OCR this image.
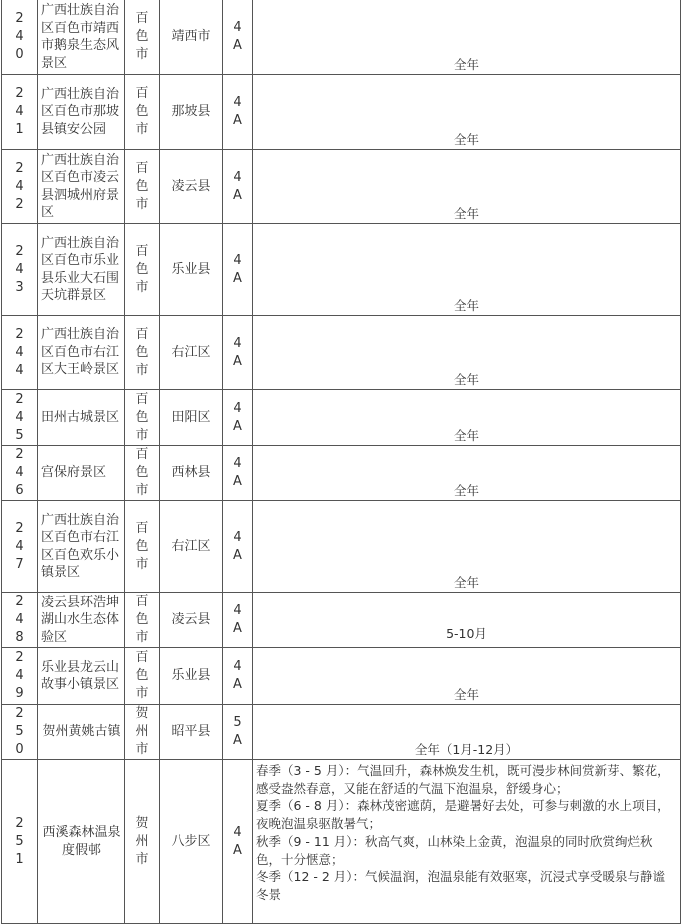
2
4
0	广西壮族自治区百色市靖西市鹅泉生态风景区	百
色
市	靖西市	4
A	全年

2
4
1	广西壮族自治区百色市那坡县镇安公园	百
色
市	那坡县	4
A	全年

2
4
2	广西壮族自治区百色市凌云县泗城州府景区	百
色
市	凌云县	4
A	全年

2
4
3	广西壮族自治区百色市乐业县乐业大石围天坑群景区	百
色
市	乐业县	4
A	全年

2
4
4	广西壮族自治区百色市右江区大王岭景区	百
色
市	右江区	4
A	全年

2
4
5	田州古城景区	百
色
市	田阳区	4
A	全年

2
4
6	宫保府景区	百
色
市	西林县	4
A	全年

2
4
7	广西壮族自治区百色市右江区百色欢乐小镇景区	百
色
市	右江区	4
A	全年

2
4
8	凌云县环浩坤湖山水生态体验区	百
色
市	凌云县	4
A	5-10月

2
4
9	乐业县龙云山故事小镇景区	百
色
市	乐业县	4
A	全年

2
5
0	贺州黄姚古镇	贺
州
市	昭平县	5
A	全年（1月-12月）

2
5
1	西溪森林温泉度假邨	贺
州
市	八步区	4
A	春季（3 - 5 月）：气温回升，森林焕发生机，既可漫步林间赏新芽、繁花，感受盎然春意，又能在舒适的气温下泡温泉，舒缓身心；
夏季（6 - 8 月）：森林茂密遮荫，是避暑好去处，可参与刺激的水上项目，夜晚泡温泉驱散暑气；
秋季（9 - 11 月）：秋高气爽，山林染上金黄，泡温泉的同时欣赏绚烂秋色，十分惬意；
冬季（12 - 2 月）：气候温润，泡温泉能有效驱寒，沉浸式享受暖泉与静谧冬景
